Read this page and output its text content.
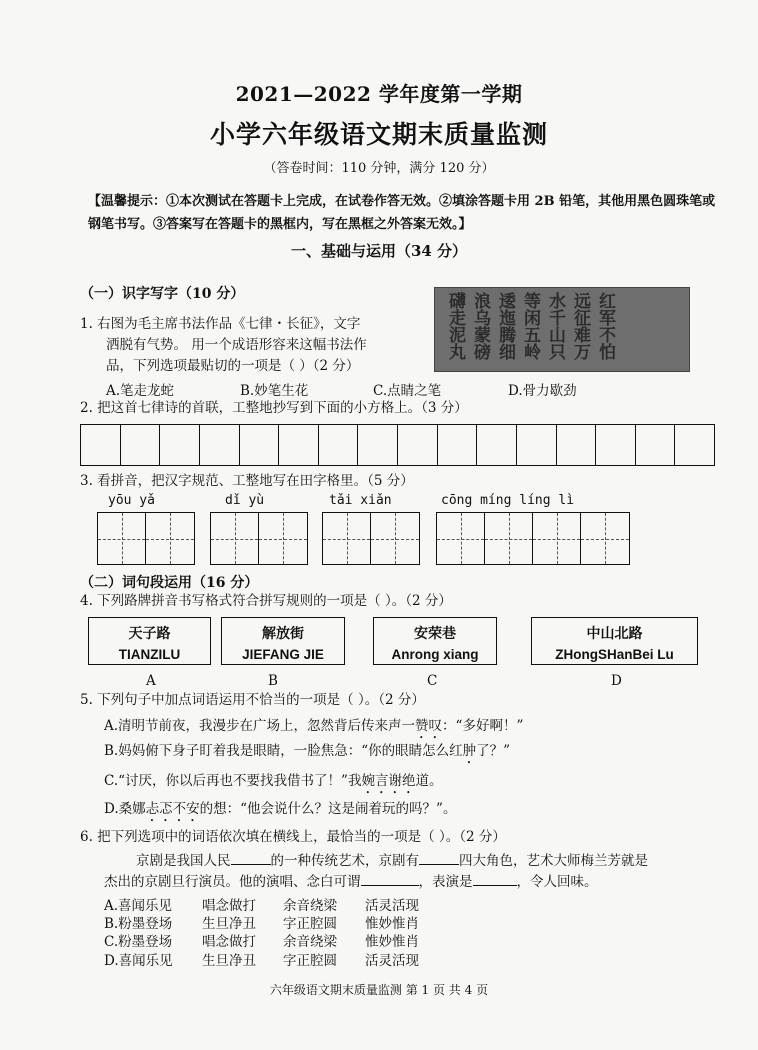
2021—2022 学年度第一学期
小学六年级语文期末质量监测
（答卷时间：110 分钟，满分 120 分）
【温馨提示：①本次测试在答题卡上完成，在试卷作答无效。②填涂答题卡用 2B 铅笔，其他用黑色圆珠笔或钢笔书写。③答案写在答题卡的黑框内，写在黑框之外答案无效。】
一、基础与运用（34 分）
（一）识字写字（10 分）
1. 右图为毛主席书法作品《七律・长征》，文字
洒脱有气势。 用一个成语形容来这幅书法作
品，下列选项最贴切的一项是（ ）（2 分）
A.笔走龙蛇	B.妙笔生花	C.点睛之笔	D.骨力歇劲
红军不怕远征难万水千山只等闲五岭逶迤腾细浪乌蒙磅礴走泥丸
2. 把这首七律诗的首联，工整地抄写到下面的小方格上。（3 分）
3. 看拼音，把汉字规范、工整地写在田字格里。（5 分）
yōu yǎ	dǐ yù	tǎi xiǎn	cōng míng líng lì
（二）词句段运用（16 分）
4. 下列路牌拼音书写格式符合拼写规则的一项是（ ）。（2 分）
天子路
TIANZILU
解放街
JIEFANG JIE
安荣巷
Anrong xiang
中山北路
ZHongSHanBei Lu
A	B	C	D
5. 下列句子中加点词语运用不恰当的一项是（ ）。（2 分）
A.清明节前夜，我漫步在广场上，忽然背后传来声一赞叹：“多好啊！”
B.妈妈俯下身子盯着我是眼睛，一脸焦急：“你的眼睛怎么红肿了？”
C.“讨厌，你以后再也不要找我借书了！”我婉言谢绝道。
D.桑娜忐忑不安的想：“他会说什么？这是闹着玩的吗？”。
6. 把下列选项中的词语依次填在横线上，最恰当的一项是（ ）。（2 分）
京剧是我国人民	的一种传统艺术，京剧有	四大角色，艺术大师梅兰芳就是
杰出的京剧旦行演员。他的演唱、念白可谓	，表演是	，令人回味。
A.喜闻乐见 唱念做打 余音绕梁 活灵活现
B.粉墨登场 生旦净丑 字正腔圆 惟妙惟肖
C.粉墨登场 唱念做打 余音绕梁 惟妙惟肖
D.喜闻乐见 生旦净丑 字正腔圆 活灵活现
六年级语文期末质量监测 第 1 页 共 4 页
